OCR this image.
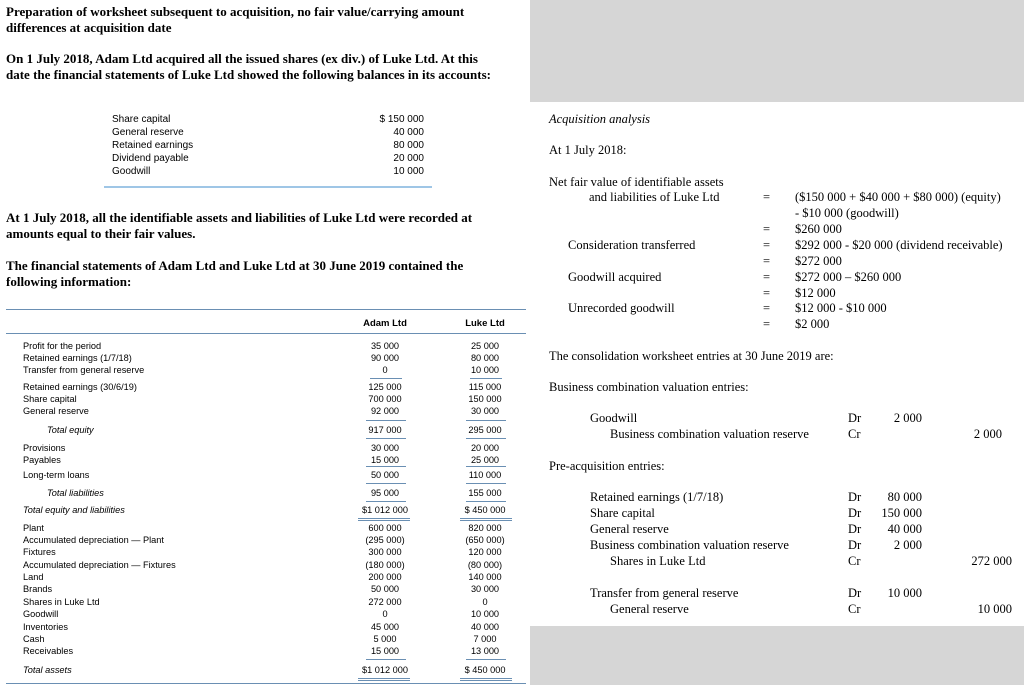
Preparation of worksheet subsequent to acquisition, no fair value/carrying amount
differences at acquisition date
On 1 July 2018, Adam Ltd acquired all the issued shares (ex div.) of Luke Ltd. At this
date the financial statements of Luke Ltd showed the following balances in its accounts:
Share capital	$ 150 000
General reserve	40 000
Retained earnings	80 000
Dividend payable	20 000
Goodwill	10 000
At 1 July 2018, all the identifiable assets and liabilities of Luke Ltd were recorded at
amounts equal to their fair values.
The financial statements of Adam Ltd and Luke Ltd at 30 June 2019 contained the
following information:
Adam Ltd	Luke Ltd
Profit for the period	35 000	25 000
Retained earnings (1/7/18)	90 000	80 000
Transfer from general reserve	0	10 000
Retained earnings (30/6/19)	125 000	115 000
Share capital	700 000	150 000
General reserve	92 000	30 000
Total equity	917 000	295 000
Provisions	30 000	20 000
Payables	15 000	25 000
Long-term loans	50 000	110 000
Total liabilities	95 000	155 000
Total equity and liabilities	$1 012 000	$ 450 000
Plant	600 000	820 000
Accumulated depreciation — Plant	(295 000)	(650 000)
Fixtures	300 000	120 000
Accumulated depreciation — Fixtures	(180 000)	(80 000)
Land	200 000	140 000
Brands	50 000	30 000
Shares in Luke Ltd	272 000	0
Goodwill	0	10 000
Inventories	45 000	40 000
Cash	5 000	7 000
Receivables	15 000	13 000
Total assets	$1 012 000	$ 450 000
Acquisition analysis
At 1 July 2018:
Net fair value of identifiable assets
and liabilities of Luke Ltd	= ($150 000 + $40 000 + $80 000) (equity)
- $10 000 (goodwill)
= $260 000
Consideration transferred	= $292 000 - $20 000 (dividend receivable)
= $272 000
Goodwill acquired	= $272 000 – $260 000
= $12 000
Unrecorded goodwill	= $12 000 - $10 000
= $2 000
The consolidation worksheet entries at 30 June 2019 are:
Business combination valuation entries:
Goodwill	Dr	2 000
Business combination valuation reserve	Cr	2 000
Pre-acquisition entries:
Retained earnings (1/7/18)	Dr	80 000
Share capital	Dr	150 000
General reserve	Dr	40 000
Business combination valuation reserve	Dr	2 000
Shares in Luke Ltd	Cr	272 000
Transfer from general reserve	Dr	10 000
General reserve	Cr	10 000
